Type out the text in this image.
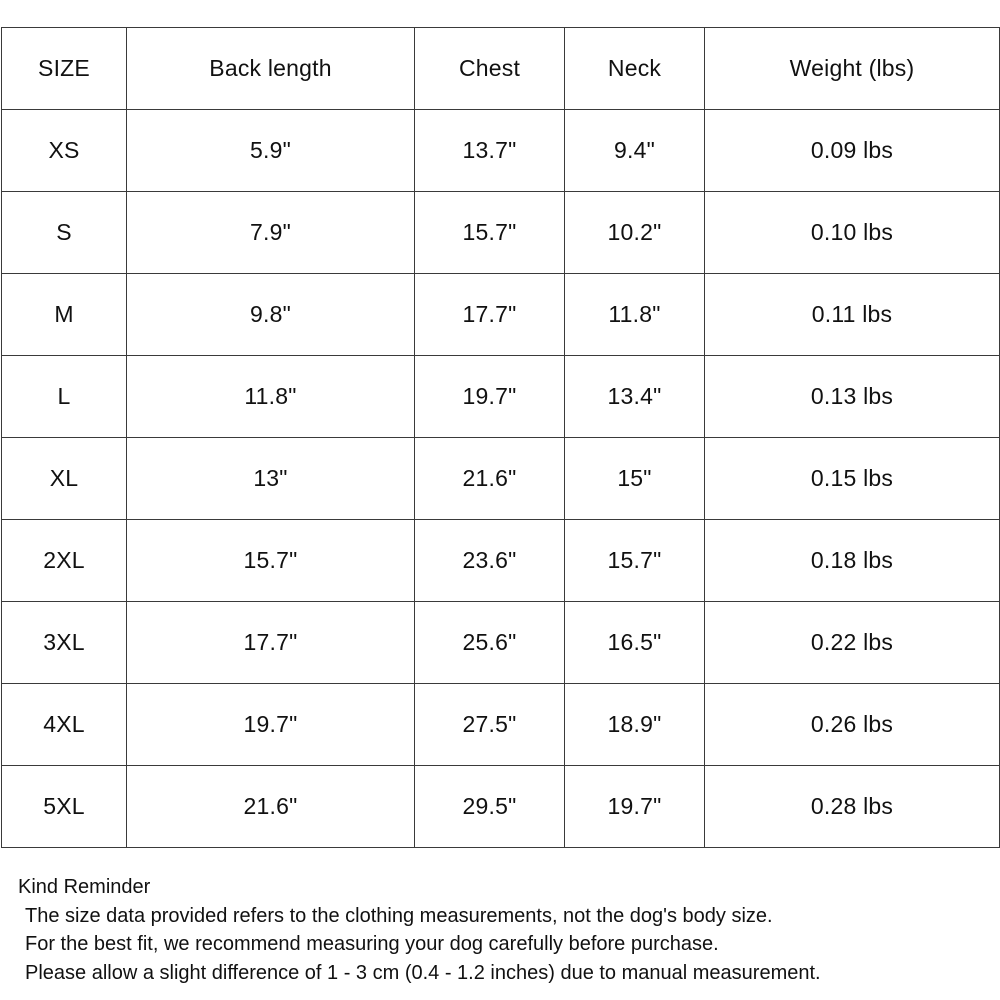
SIZE	Back length	Chest	Neck	Weight (lbs)
XS	5.9"	13.7"	9.4"	0.09 lbs
S	7.9"	15.7"	10.2"	0.10 lbs
M	9.8"	17.7"	11.8"	0.11 lbs
L	11.8"	19.7"	13.4"	0.13 lbs
XL	13"	21.6"	15"	0.15 lbs
2XL	15.7"	23.6"	15.7"	0.18 lbs
3XL	17.7"	25.6"	16.5"	0.22 lbs
4XL	19.7"	27.5"	18.9"	0.26 lbs
5XL	21.6"	29.5"	19.7"	0.28 lbs
Kind Reminder
The size data provided refers to the clothing measurements, not the dog's body size.
For the best fit, we recommend measuring your dog carefully before purchase.
Please allow a slight difference of 1 - 3 cm (0.4 - 1.2 inches) due to manual measurement.
